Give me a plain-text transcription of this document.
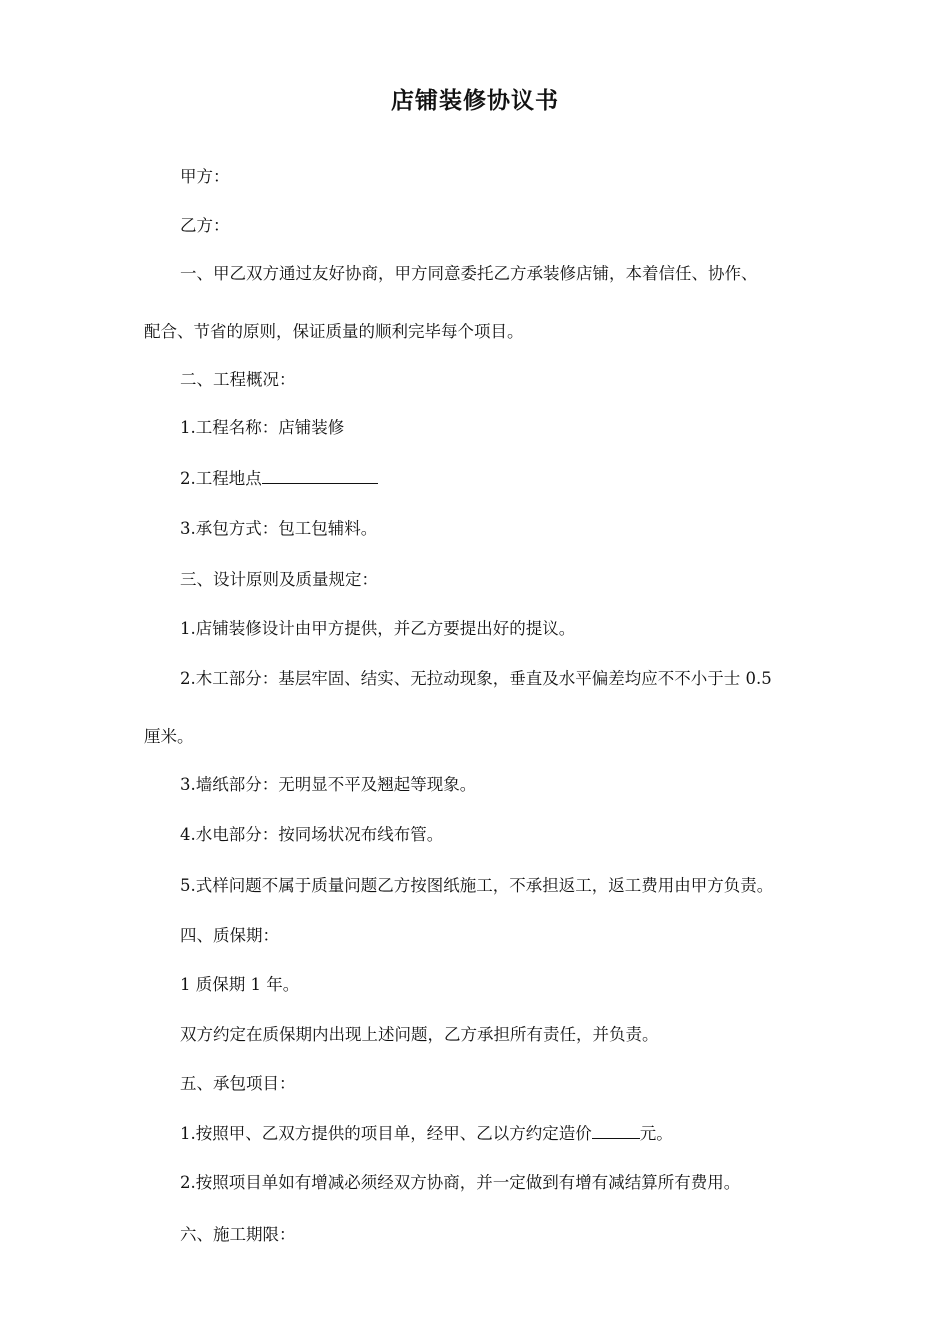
店铺装修协议书
甲方：
乙方：
一、甲乙双方通过友好协商，甲方同意委托乙方承装修店铺，本着信任、协作、
配合、节省的原则，保证质量的顺利完毕每个项目。
二、工程概况：
1.工程名称：店铺装修
2.工程地点
3.承包方式：包工包辅料。
三、设计原则及质量规定：
1.店铺装修设计由甲方提供，并乙方要提出好的提议。
2.木工部分：基层牢固、结实、无拉动现象，垂直及水平偏差均应不不小于士 0.5
厘米。
3.墙纸部分：无明显不平及翘起等现象。
4.水电部分：按同场状况布线布管。
5.式样问题不属于质量问题乙方按图纸施工，不承担返工，返工费用由甲方负责。
四、质保期：
1 质保期 1 年。
双方约定在质保期内出现上述问题，乙方承担所有责任，并负责。
五、承包项目：
1.按照甲、乙双方提供的项目单，经甲、乙以方约定造价	元。
2.按照项目单如有增减必须经双方协商，并一定做到有增有减结算所有费用。
六、施工期限：
